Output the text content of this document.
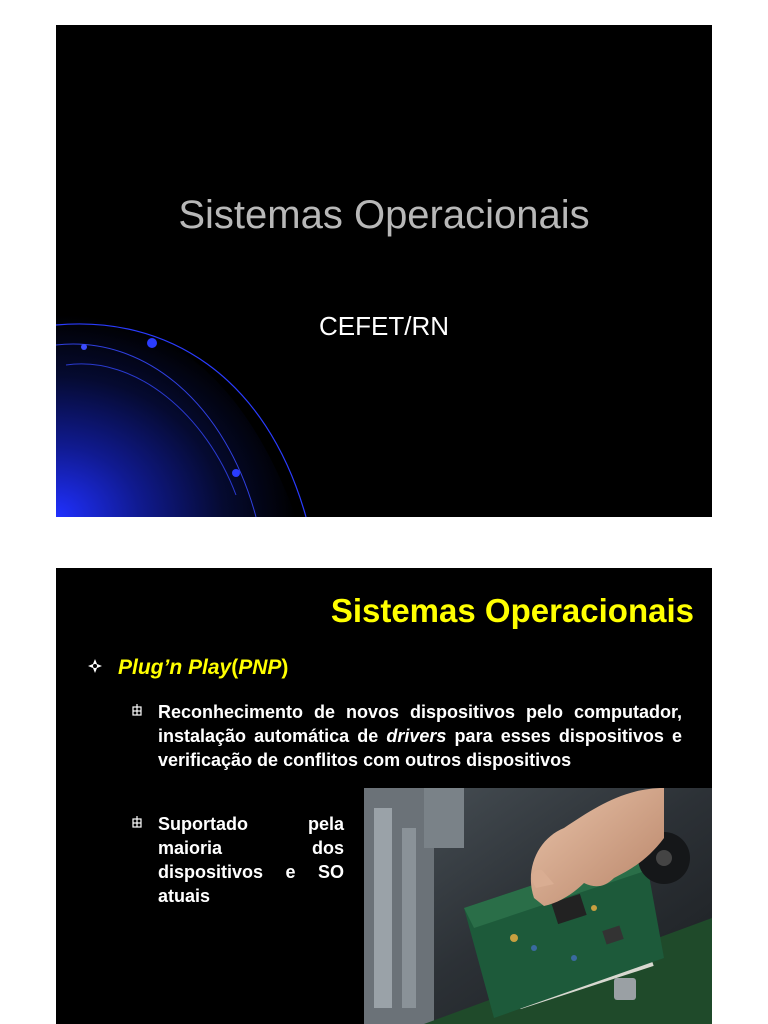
Sistemas Operacionais
CEFET/RN
Sistemas Operacionais
Plug’n Play ( PNP )
Reconhecimento de novos dispositivos pelo computador, instalação automática de drivers para esses dispositivos e verificação de conflitos com outros dispositivos
Suportado pela maioria dos dispositivos e SO atuais
